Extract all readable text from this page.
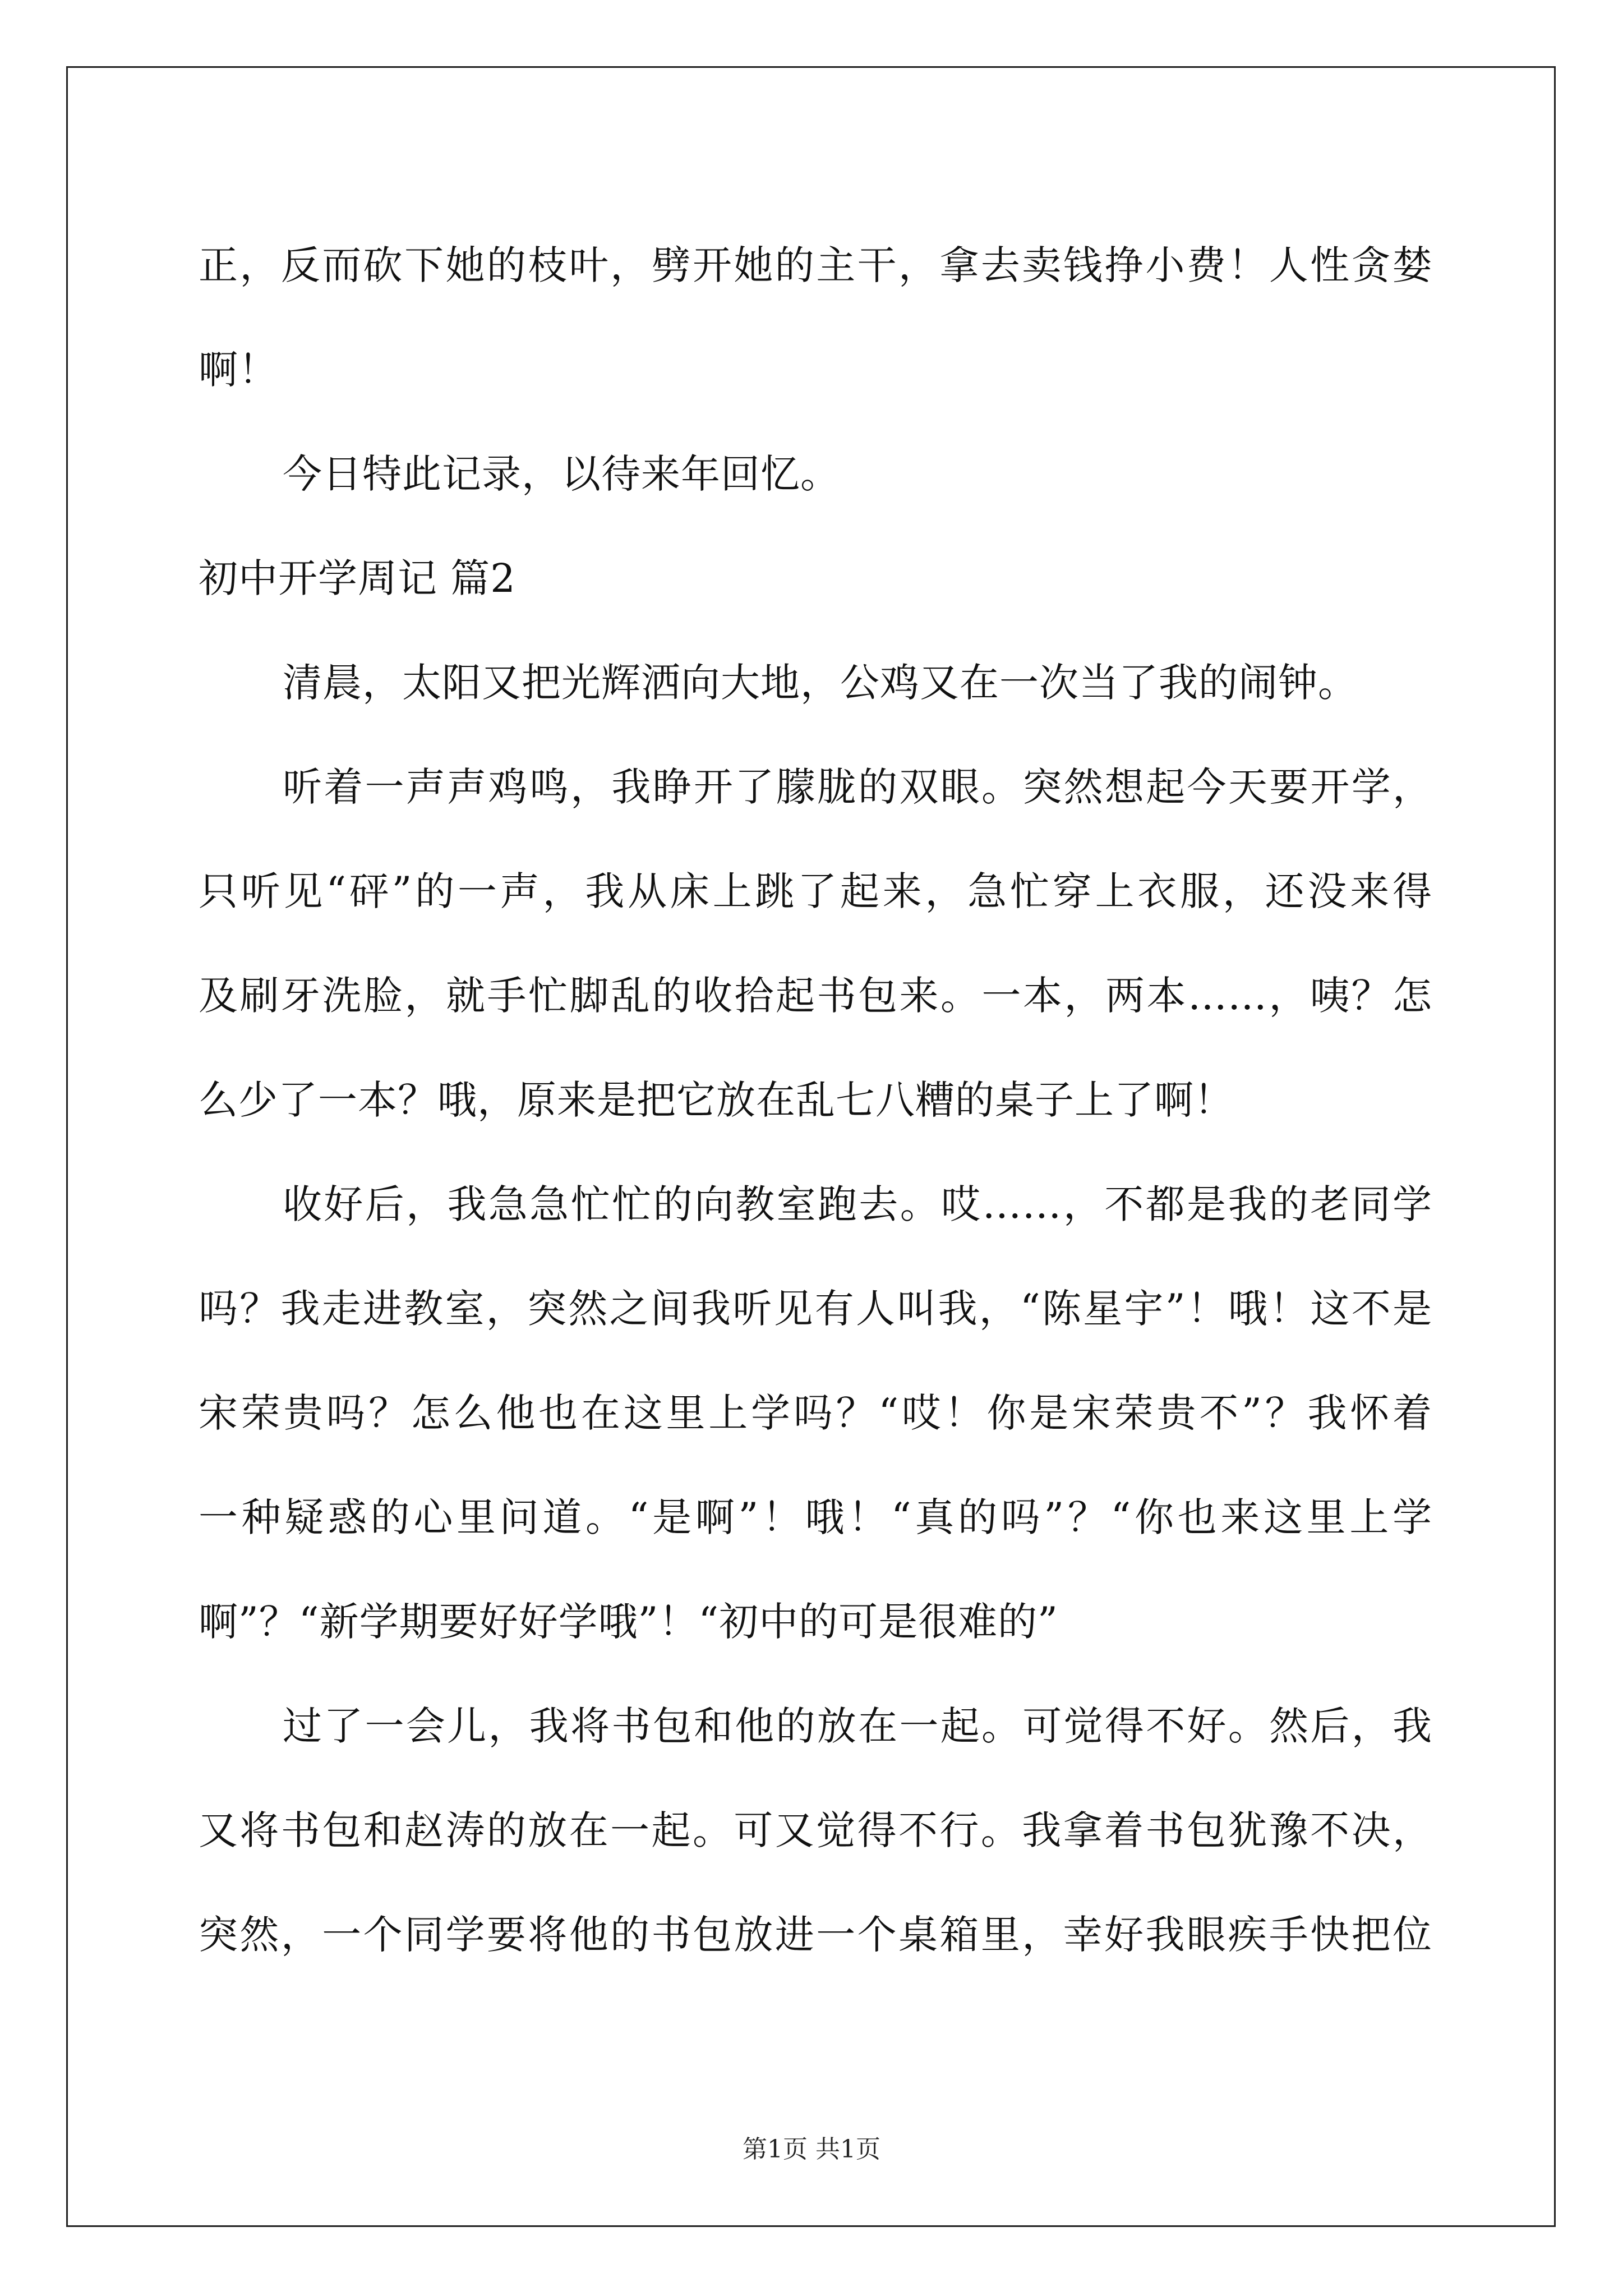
正，反而砍下她的枝叶，劈开她的主干，拿去卖钱挣小费！人性贪婪
啊！
今日特此记录，以待来年回忆。
初中开学周记 篇2
清晨，太阳又把光辉洒向大地，公鸡又在一次当了我的闹钟。
听着一声声鸡鸣，我睁开了朦胧的双眼。突然想起今天要开学，
只听见“砰”的一声，我从床上跳了起来，急忙穿上衣服，还没来得
及刷牙洗脸，就手忙脚乱的收拾起书包来。一本，两本……，咦？怎
么少了一本？哦，原来是把它放在乱七八糟的桌子上了啊！
收好后，我急急忙忙的向教室跑去。哎……，不都是我的老同学
吗？我走进教室，突然之间我听见有人叫我，“陈星宇”！哦！这不是
宋荣贵吗？怎么他也在这里上学吗？“哎！你是宋荣贵不”？我怀着
一种疑惑的心里问道。“是啊”！哦！“真的吗”？“你也来这里上学
啊”？“新学期要好好学哦”！“初中的可是很难的”
过了一会儿，我将书包和他的放在一起。可觉得不好。然后，我
又将书包和赵涛的放在一起。可又觉得不行。我拿着书包犹豫不决，
突然，一个同学要将他的书包放进一个桌箱里，幸好我眼疾手快把位
第1页 共1页
